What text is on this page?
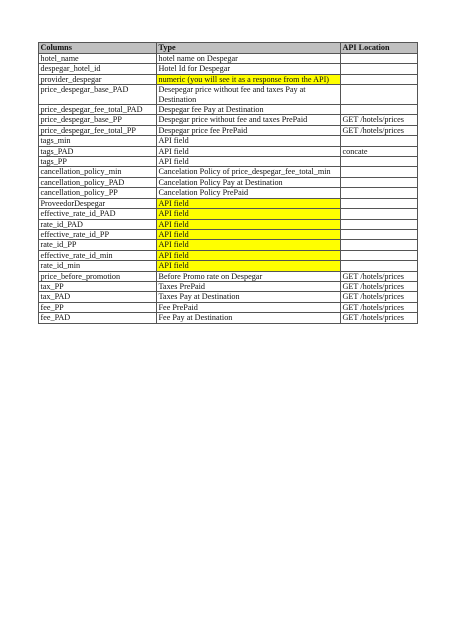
Columns	Type	API Location
hotel_name	hotel name on Despegar	
despegar_hotel_id	Hotel Id for Despegar	
provider_despegar	numeric (you will see it as a response from the API)	
price_despegar_base_PAD	Desepegar price without fee and taxes Pay at Destination	
price_despegar_fee_total_PAD	Despegar fee Pay at Destination	
price_despegar_base_PP	Despegar price without fee and taxes PrePaid	GET /hotels/prices
price_despegar_fee_total_PP	Despegar price fee PrePaid	GET /hotels/prices
tags_min	API field	
tags_PAD	API field	concate
tags_PP	API field	
cancellation_policy_min	Cancelation Policy of price_despegar_fee_total_min	
cancellation_policy_PAD	Cancelation Policy Pay at Destination	
cancellation_policy_PP	Cancelation Policy PrePaid	
ProveedorDespegar	API field	
effective_rate_id_PAD	API field	
rate_id_PAD	API field	
effective_rate_id_PP	API field	
rate_id_PP	API field	
effective_rate_id_min	API field	
rate_id_min	API field	
price_before_promotion	Before Promo rate on Despegar	GET /hotels/prices
tax_PP	Taxes PrePaid	GET /hotels/prices
tax_PAD	Taxes Pay at Destination	GET /hotels/prices
fee_PP	Fee PrePaid	GET /hotels/prices
fee_PAD	Fee Pay at Destination	GET /hotels/prices
